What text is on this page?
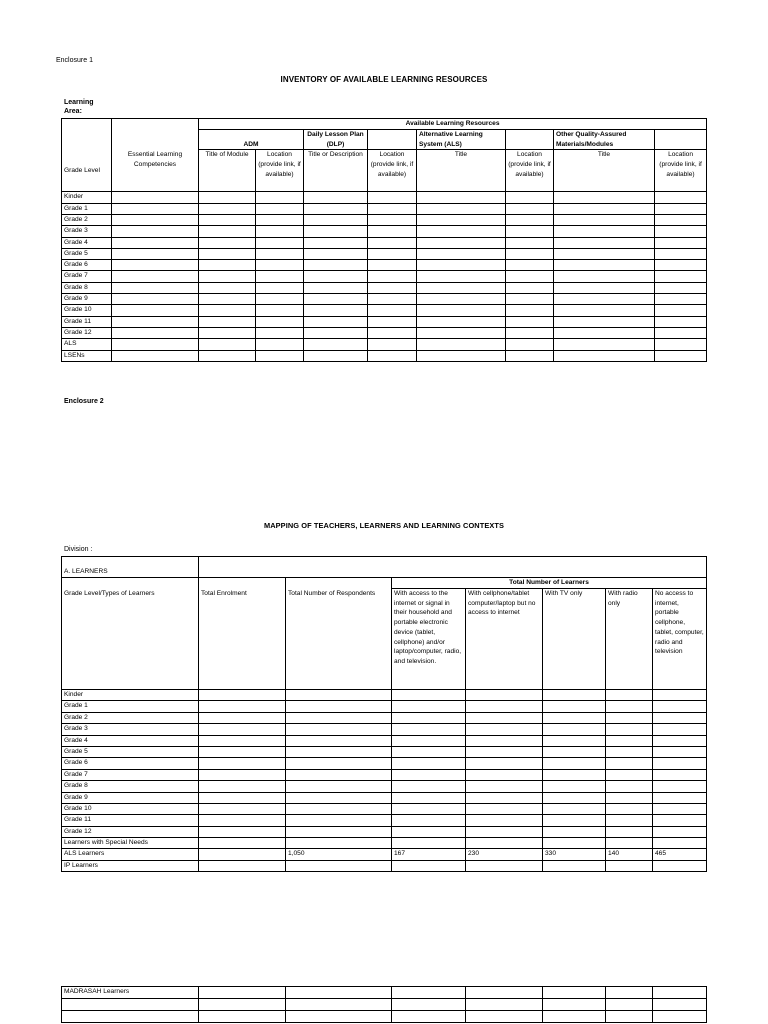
Enclosure 1
INVENTORY OF AVAILABLE LEARNING RESOURCES
Learning Area:
		Available Learning Resources							
		ADM		Daily Lesson Plan (DLP)		Alternative Learning System (ALS)		Other Quality-Assured Materials/Modules	
Grade Level	Essential Learning Competencies	Title of Module	Location (provide link, if available)	Title or Description	Location (provide link, if available)	Title	Location (provide link, if available)	Title	Location (provide link, if available)
Kinder									
Grade 1									
Grade 2									
Grade 3									
Grade 4									
Grade 5									
Grade 6									
Grade 7									
Grade 8									
Grade 9									
Grade 10									
Grade 11									
Grade 12									
ALS									
LSENs									
Enclosure 2
MAPPING OF TEACHERS, LEARNERS AND LEARNING CONTEXTS
Division :
A. LEARNERS							
			Total Number of Learners				
Grade Level/Types of Learners	Total Enrolment	Total Number of Respondents	With access to the internet or signal in their household and portable electronic device (tablet, cellphone) and/or laptop/computer, radio, and television.	With cellphone/tablet computer/laptop but no access to internet	With TV only	With radio only	No access to internet, portable cellphone, tablet, computer, radio and television
Kinder							
Grade 1							
Grade 2							
Grade 3							
Grade 4							
Grade 5							
Grade 6							
Grade 7							
Grade 8							
Grade 9							
Grade 10							
Grade 11							
Grade 12							
Learners with Special Needs							
ALS Learners		1,050	167	230	330	140	465
IP Learners							
MADRASAH Learners							
